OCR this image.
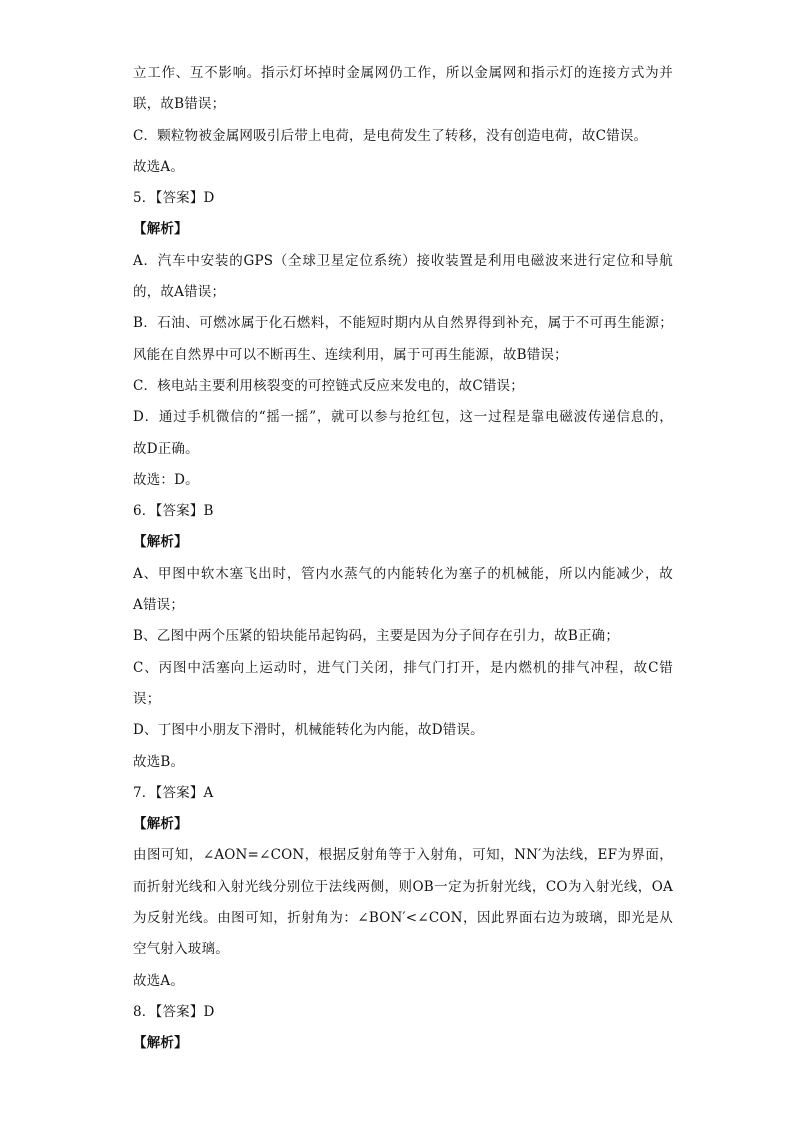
立工作、互不影响。指示灯坏掉时金属网仍工作，所以金属网和指示灯的连接方式为并
联，故B错误；
C．颗粒物被金属网吸引后带上电荷，是电荷发生了转移，没有创造电荷，故C错误。
故选A。
5．【答案】D
【解析】
A．汽车中安装的GPS（全球卫星定位系统）接收装置是利用电磁波来进行定位和导航
的，故A错误；
B．石油、可燃冰属于化石燃料，不能短时期内从自然界得到补充，属于不可再生能源；
风能在自然界中可以不断再生、连续利用，属于可再生能源，故B错误；
C．核电站主要利用核裂变的可控链式反应来发电的，故C错误；
D．通过手机微信的“摇一摇”，就可以参与抢红包，这一过程是靠电磁波传递信息的，
故D正确。
故选：D。
6．【答案】B
【解析】
A、甲图中软木塞飞出时，管内水蒸气的内能转化为塞子的机械能，所以内能减少，故
A错误；
B、乙图中两个压紧的铅块能吊起钩码，主要是因为分子间存在引力，故B正确；
C、丙图中活塞向上运动时，进气门关闭，排气门打开，是内燃机的排气冲程，故C错
误；
D、丁图中小朋友下滑时，机械能转化为内能，故D错误。
故选B。
7．【答案】A
【解析】
由图可知，∠AON=∠CON，根据反射角等于入射角，可知，NN′为法线，EF为界面，
而折射光线和入射光线分别位于法线两侧，则OB一定为折射光线，CO为入射光线，OA
为反射光线。由图可知，折射角为：∠BON′<∠CON，因此界面右边为玻璃，即光是从
空气射入玻璃。
故选A。
8．【答案】D
【解析】
